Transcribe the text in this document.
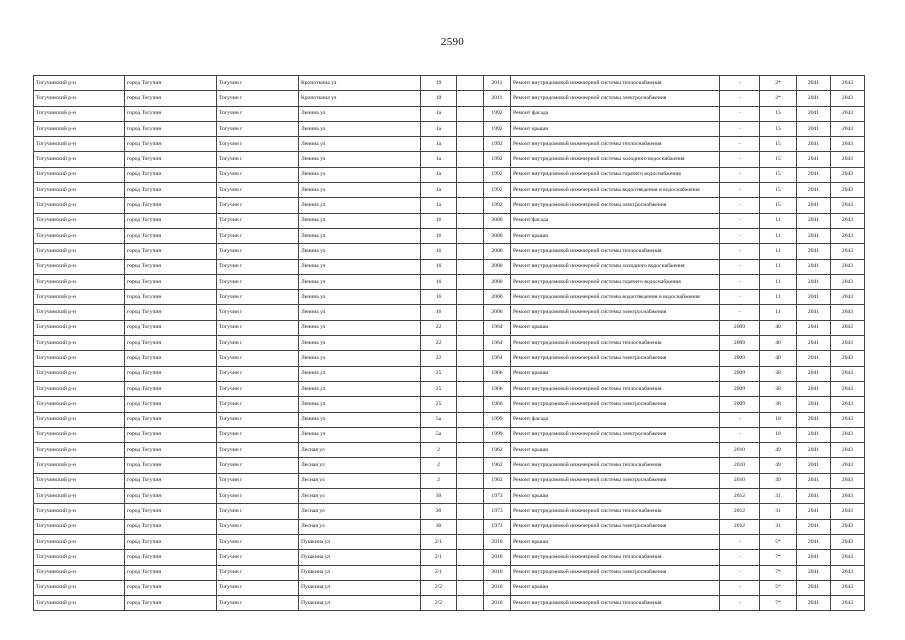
2590
Тогучинский р-н	город Тогучин	Тогучин г	Кропоткина ул	19		2011	Ремонт внутридомовой инженерной системы теплоснабжения	-	2*	2041	2043
Тогучинский р-н	город Тогучин	Тогучин г	Кропоткина ул	19		2011	Ремонт внутридомовой инженерной системы электроснабжения	-	2*	2041	2043
Тогучинский р-н	город Тогучин	Тогучин г	Ленина ул	1а		1992	Ремонт фасада	-	15	2041	2043
Тогучинский р-н	город Тогучин	Тогучин г	Ленина ул	1а		1992	Ремонт крыши	-	15	2041	2043
Тогучинский р-н	город Тогучин	Тогучин г	Ленина ул	1а		1992	Ремонт внутридомовой инженерной системы теплоснабжения	-	15	2041	2043
Тогучинский р-н	город Тогучин	Тогучин г	Ленина ул	1а		1992	Ремонт внутридомовой инженерной системы холодного водоснабжения	-	15	2041	2043
Тогучинский р-н	город Тогучин	Тогучин г	Ленина ул	1а		1992	Ремонт внутридомовой инженерной системы горячего водоснабжения	-	15	2041	2043
Тогучинский р-н	город Тогучин	Тогучин г	Ленина ул	1а		1992	Ремонт внутридомовой инженерной системы водоотведения и водоснабжения	-	15	2041	2043
Тогучинский р-н	город Тогучин	Тогучин г	Ленина ул	1а		1992	Ремонт внутридомовой инженерной системы электроснабжения	-	15	2041	2043
Тогучинский р-н	город Тогучин	Тогучин г	Ленина ул	16		2000	Ремонт фасада	-	11	2041	2043
Тогучинский р-н	город Тогучин	Тогучин г	Ленина ул	16		2000	Ремонт крыши	-	11	2041	2043
Тогучинский р-н	город Тогучин	Тогучин г	Ленина ул	16		2000	Ремонт внутридомовой инженерной системы теплоснабжения	-	11	2041	2043
Тогучинский р-н	город Тогучин	Тогучин г	Ленина ул	16		2000	Ремонт внутридомовой инженерной системы холодного водоснабжения	-	11	2041	2043
Тогучинский р-н	город Тогучин	Тогучин г	Ленина ул	16		2000	Ремонт внутридомовой инженерной системы горячего водоснабжения	-	11	2041	2043
Тогучинский р-н	город Тогучин	Тогучин г	Ленина ул	16		2000	Ремонт внутридомовой инженерной системы водоотведения и водоснабжения	-	11	2041	2043
Тогучинский р-н	город Тогучин	Тогучин г	Ленина ул	16		2000	Ремонт внутридомовой инженерной системы электроснабжения	-	11	2041	2043
Тогучинский р-н	город Тогучин	Тогучин г	Ленина ул	22		1964	Ремонт крыши	2009	40	2041	2043
Тогучинский р-н	город Тогучин	Тогучин г	Ленина ул	22		1964	Ремонт внутридомовой инженерной системы теплоснабжения	2009	40	2041	2043
Тогучинский р-н	город Тогучин	Тогучин г	Ленина ул	22		1964	Ремонт внутридомовой инженерной системы электроснабжения	2009	40	2041	2043
Тогучинский р-н	город Тогучин	Тогучин г	Ленина ул	25		1966	Ремонт крыши	2009	38	2041	2043
Тогучинский р-н	город Тогучин	Тогучин г	Ленина ул	25		1966	Ремонт внутридомовой инженерной системы теплоснабжения	2009	38	2041	2043
Тогучинский р-н	город Тогучин	Тогучин г	Ленина ул	25		1966	Ремонт внутридомовой инженерной системы электроснабжения	2009	38	2041	2043
Тогучинский р-н	город Тогучин	Тогучин г	Ленина ул	5а		1999	Ремонт фасада	-	18	2041	2043
Тогучинский р-н	город Тогучин	Тогучин г	Ленина ул	5а		1999	Ремонт внутридомовой инженерной системы электроснабжения	-	18	2041	2043
Тогучинский р-н	город Тогучин	Тогучин г	Лесная ул	2		1962	Ремонт крыши	2010	49	2041	2043
Тогучинский р-н	город Тогучин	Тогучин г	Лесная ул	2		1962	Ремонт внутридомовой инженерной системы теплоснабжения	2010	49	2041	2043
Тогучинский р-н	город Тогучин	Тогучин г	Лесная ул	2		1962	Ремонт внутридомовой инженерной системы электроснабжения	2010	49	2041	2043
Тогучинский р-н	город Тогучин	Тогучин г	Лесная ул	30		1973	Ремонт крыши	2012	31	2041	2043
Тогучинский р-н	город Тогучин	Тогучин г	Лесная ул	30		1973	Ремонт внутридомовой инженерной системы теплоснабжения	2012	31	2041	2043
Тогучинский р-н	город Тогучин	Тогучин г	Лесная ул	30		1973	Ремонт внутридомовой инженерной системы электроснабжения	2012	31	2041	2043
Тогучинский р-н	город Тогучин	Тогучин г	Пушкина ул	2/1		2010	Ремонт крыши	-	5*	2041	2043
Тогучинский р-н	город Тогучин	Тогучин г	Пушкина ул	2/1		2010	Ремонт внутридомовой инженерной системы теплоснабжения	-	7*	2041	2043
Тогучинский р-н	город Тогучин	Тогучин г	Пушкина ул	2/1		2010	Ремонт внутридомовой инженерной системы электроснабжения	-	7*	2041	2043
Тогучинский р-н	город Тогучин	Тогучин г	Пушкина ул	2/2		2010	Ремонт крыши	-	5*	2041	2043
Тогучинский р-н	город Тогучин	Тогучин г	Пушкина ул	2/2		2010	Ремонт внутридомовой инженерной системы теплоснабжения	-	7*	2041	2043
